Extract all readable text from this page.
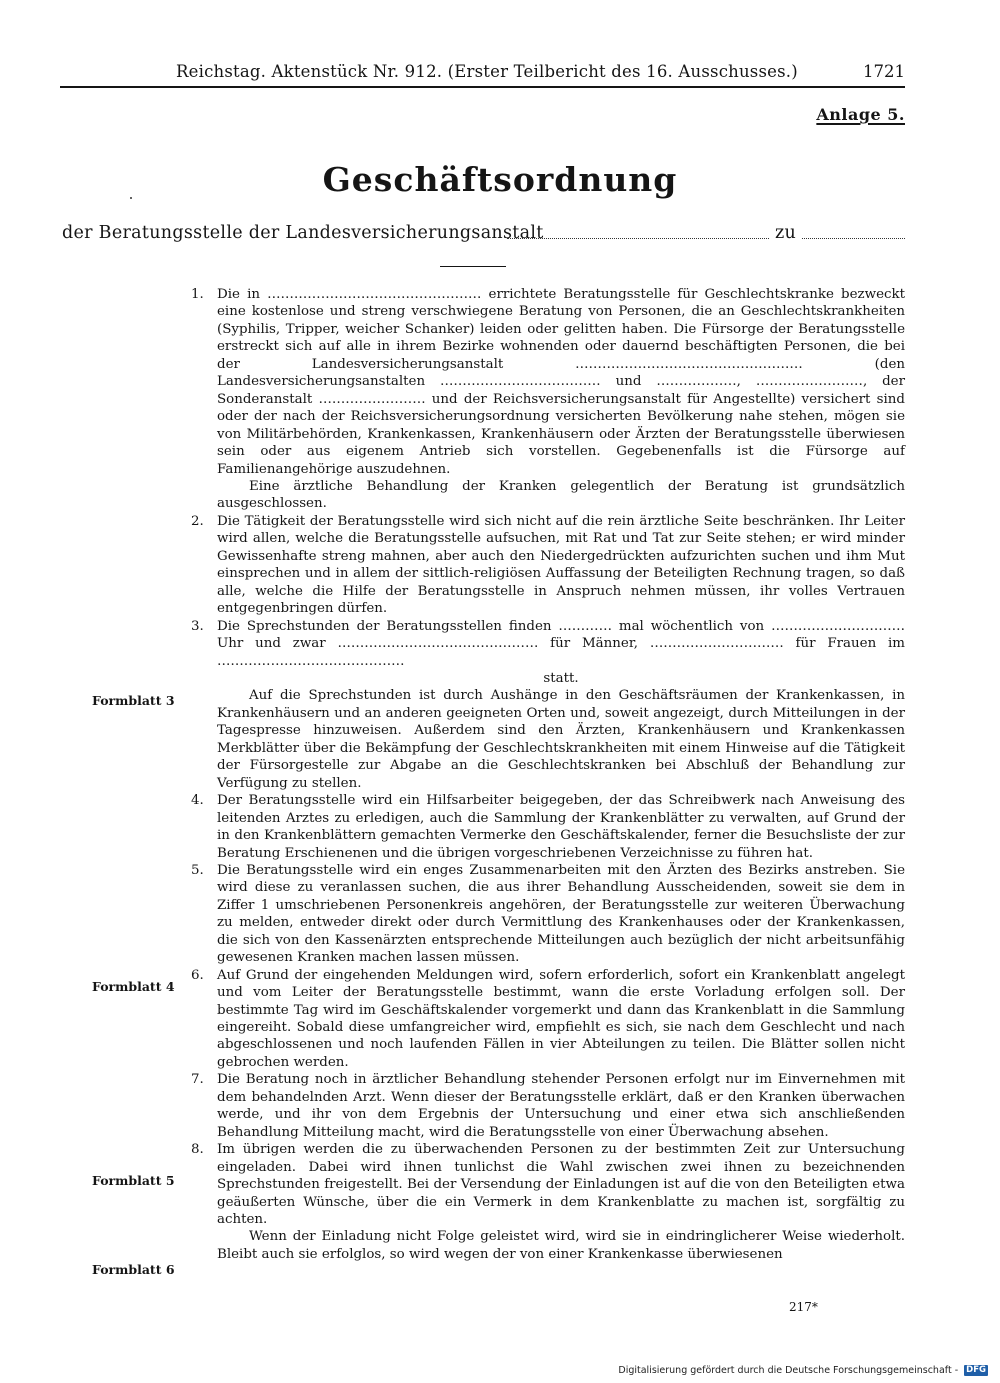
Reichstag. Aktenstück Nr. 912. (Erster Teilbericht des 16. Ausschusses.)	1721
Anlage 5.
Geschäftsordnung
der Beratungsstelle der Landesversicherungsanstalt	zu
Formblatt 3
Formblatt 4
Formblatt 5
Formblatt 6
1. Die in ………………………………………… errichtete Beratungsstelle für Geschlechtskranke bezweckt eine kostenlose und streng verschwiegene Beratung von Personen, die an Geschlechtskrankheiten (Syphilis, Tripper, weicher Schanker) leiden oder gelitten haben. Die Fürsorge der Beratungsstelle erstreckt sich auf alle in ihrem Bezirke wohnenden oder dauernd beschäftigten Personen, die bei der Landesversicherungsanstalt …………………………………………… (den Landesversicherungsanstalten ……………………………… und ………………, ……………………, der Sonderanstalt …………………… und der Reichsversicherungsanstalt für Angestellte) versichert sind oder der nach der Reichsversicherungsordnung versicherten Bevölkerung nahe stehen, mögen sie von Militärbehörden, Krankenkassen, Krankenhäusern oder Ärzten der Beratungsstelle überwiesen sein oder aus eigenem Antrieb sich vorstellen. Gegebenenfalls ist die Fürsorge auf Familienangehörige auszudehnen.

Eine ärztliche Behandlung der Kranken gelegentlich der Beratung ist grundsätzlich ausgeschlossen.

2. Die Tätigkeit der Beratungsstelle wird sich nicht auf die rein ärztliche Seite beschränken. Ihr Leiter wird allen, welche die Beratungsstelle aufsuchen, mit Rat und Tat zur Seite stehen; er wird minder Gewissenhafte streng mahnen, aber auch den Niedergedrückten aufzurichten suchen und ihm Mut einsprechen und in allem der sittlich-religiösen Auffassung der Beteiligten Rechnung tragen, so daß alle, welche die Hilfe der Beratungsstelle in Anspruch nehmen müssen, ihr volles Vertrauen entgegenbringen dürfen.

3. Die Sprechstunden der Beratungsstellen finden ………… mal wöchentlich von ………………………… Uhr und zwar ……………………………………… für Männer, ………………………… für Frauen im ……………………………………

statt.

Auf die Sprechstunden ist durch Aushänge in den Geschäftsräumen der Krankenkassen, in Krankenhäusern und an anderen geeigneten Orten und, soweit angezeigt, durch Mitteilungen in der Tagespresse hinzuweisen. Außerdem sind den Ärzten, Krankenhäusern und Krankenkassen Merkblätter über die Bekämpfung der Geschlechtskrankheiten mit einem Hinweise auf die Tätigkeit der Fürsorgestelle zur Abgabe an die Geschlechtskranken bei Abschluß der Behandlung zur Verfügung zu stellen.

4. Der Beratungsstelle wird ein Hilfsarbeiter beigegeben, der das Schreibwerk nach Anweisung des leitenden Arztes zu erledigen, auch die Sammlung der Krankenblätter zu verwalten, auf Grund der in den Krankenblättern gemachten Vermerke den Geschäftskalender, ferner die Besuchsliste der zur Beratung Erschienenen und die übrigen vorgeschriebenen Verzeichnisse zu führen hat.

5. Die Beratungsstelle wird ein enges Zusammenarbeiten mit den Ärzten des Bezirks anstreben. Sie wird diese zu veranlassen suchen, die aus ihrer Behandlung Ausscheidenden, soweit sie dem in Ziffer 1 umschriebenen Personenkreis angehören, der Beratungsstelle zur weiteren Überwachung zu melden, entweder direkt oder durch Vermittlung des Krankenhauses oder der Krankenkassen, die sich von den Kassenärzten entsprechende Mitteilungen auch bezüglich der nicht arbeitsunfähig gewesenen Kranken machen lassen müssen.

6. Auf Grund der eingehenden Meldungen wird, sofern erforderlich, sofort ein Krankenblatt angelegt und vom Leiter der Beratungsstelle bestimmt, wann die erste Vorladung erfolgen soll. Der bestimmte Tag wird im Geschäftskalender vorgemerkt und dann das Krankenblatt in die Sammlung eingereiht. Sobald diese umfangreicher wird, empfiehlt es sich, sie nach dem Geschlecht und nach abgeschlossenen und noch laufenden Fällen in vier Abteilungen zu teilen. Die Blätter sollen nicht gebrochen werden.

7. Die Beratung noch in ärztlicher Behandlung stehender Personen erfolgt nur im Einvernehmen mit dem behandelnden Arzt. Wenn dieser der Beratungsstelle erklärt, daß er den Kranken überwachen werde, und ihr von dem Ergebnis der Untersuchung und einer etwa sich anschließenden Behandlung Mitteilung macht, wird die Beratungsstelle von einer Überwachung absehen.

8. Im übrigen werden die zu überwachenden Personen zu der bestimmten Zeit zur Untersuchung eingeladen. Dabei wird ihnen tunlichst die Wahl zwischen zwei ihnen zu bezeichnenden Sprechstunden freigestellt. Bei der Versendung der Einladungen ist auf die von den Beteiligten etwa geäußerten Wünsche, über die ein Vermerk in dem Krankenblatte zu machen ist, sorgfältig zu achten.

Wenn der Einladung nicht Folge geleistet wird, wird sie in eindringlicherer Weise wiederholt. Bleibt auch sie erfolglos, so wird wegen der von einer Krankenkasse überwiesenen

217*
Digitalisierung gefördert durch die Deutsche Forschungsgemeinschaft - DFG
